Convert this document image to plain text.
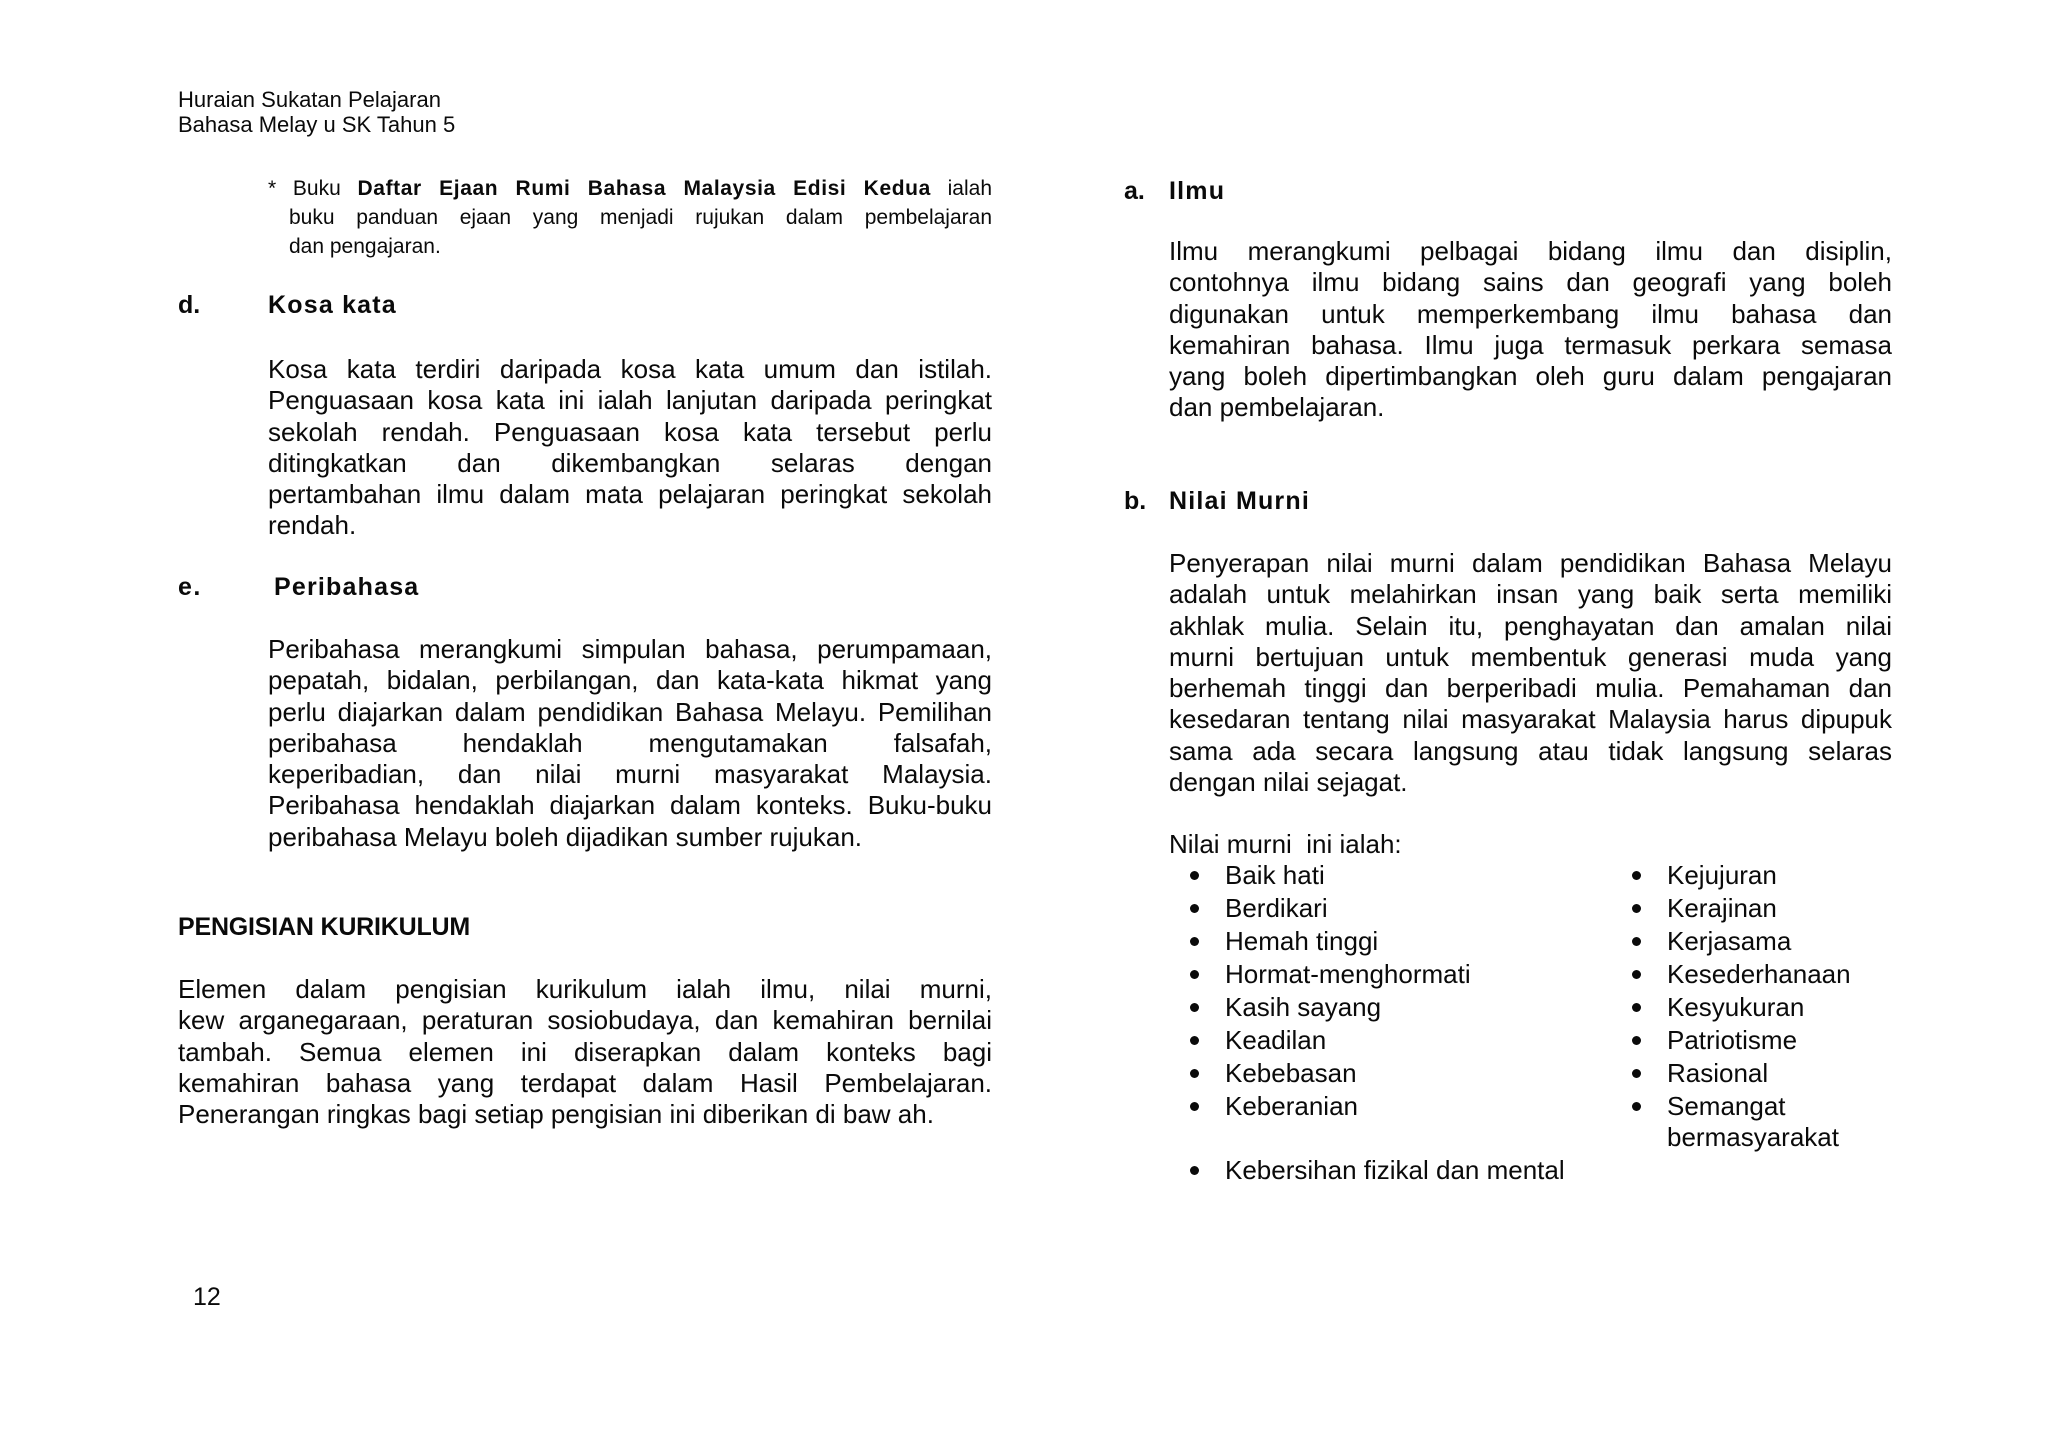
Huraian Sukatan Pelajaran
Bahasa Melay u SK Tahun 5
* Buku Daftar Ejaan Rumi Bahasa Malaysia Edisi Kedua ialah
buku panduan ejaan yang menjadi rujukan dalam pembelajaran
dan pengajaran.
d.	Kosa kata
Kosa kata terdiri daripada kosa kata umum dan istilah.
Penguasaan kosa kata ini ialah lanjutan daripada peringkat
sekolah rendah. Penguasaan kosa kata tersebut perlu
ditingkatkan dan dikembangkan selaras dengan
pertambahan ilmu dalam mata pelajaran peringkat sekolah
rendah.
e.	Peribahasa
Peribahasa merangkumi simpulan bahasa, perumpamaan,
pepatah, bidalan, perbilangan, dan kata-kata hikmat yang
perlu diajarkan dalam pendidikan Bahasa Melayu. Pemilihan
peribahasa hendaklah mengutamakan falsafah,
keperibadian, dan nilai murni masyarakat Malaysia.
Peribahasa hendaklah diajarkan dalam konteks. Buku-buku
peribahasa Melayu boleh dijadikan sumber rujukan.
PENGISIAN KURIKULUM
Elemen dalam pengisian kurikulum ialah ilmu, nilai murni,
kew arganegaraan, peraturan sosiobudaya, dan kemahiran bernilai
tambah. Semua elemen ini diserapkan dalam konteks bagi
kemahiran bahasa yang terdapat dalam Hasil Pembelajaran.
Penerangan ringkas bagi setiap pengisian ini diberikan di baw ah.
12
a. Ilmu
Ilmu merangkumi pelbagai bidang ilmu dan disiplin,
contohnya ilmu bidang sains dan geografi yang boleh
digunakan untuk memperkembang ilmu bahasa dan
kemahiran bahasa. Ilmu juga termasuk perkara semasa
yang boleh dipertimbangkan oleh guru dalam pengajaran
dan pembelajaran.
b. Nilai Murni
Penyerapan nilai murni dalam pendidikan Bahasa Melayu
adalah untuk melahirkan insan yang baik serta memiliki
akhlak mulia. Selain itu, penghayatan dan amalan nilai
murni bertujuan untuk membentuk generasi muda yang
berhemah tinggi dan berperibadi mulia. Pemahaman dan
kesedaran tentang nilai masyarakat Malaysia harus dipupuk
sama ada secara langsung atau tidak langsung selaras
dengan nilai sejagat.
Nilai murni  ini ialah:
Baik hati	Kejujuran
Berdikari	Kerajinan
Hemah tinggi	Kerjasama
Hormat-menghormati	Kesederhanaan
Kasih sayang	Kesyukuran
Keadilan	Patriotisme
Kebebasan	Rasional
Keberanian	Semangat bermasyarakat
Kebersihan fizikal dan mental
